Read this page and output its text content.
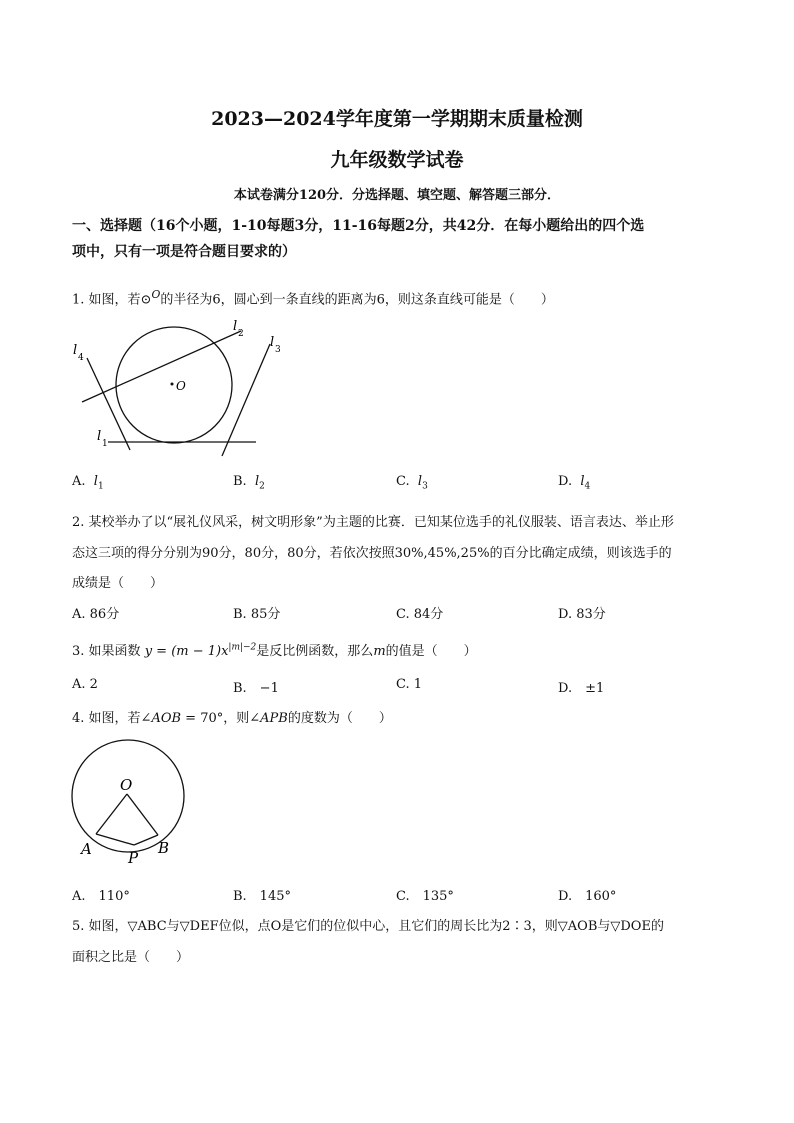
2023—2024学年度第一学期期末质量检测
九年级数学试卷
本试卷满分120分．分选择题、填空题、解答题三部分．
一、选择题（16个小题，1-10每题3分，11-16每题2分，共42分．在每小题给出的四个选
项中，只有一项是符合题目要求的）
1. 如图，若⊙$^O$的半径为6，圆心到一条直线的距离为6，则这条直线可能是（　　）
O
l 2
l 3
l 4
l 1
A. $l_1$	B. $l_2$	C. $l_3$	D. $l_4$
2. 某校举办了以“展礼仪风采，树文明形象”为主题的比赛．已知某位选手的礼仪服装、语言表达、举止形
态这三项的得分分别为90分，80分，80分，若依次按照30%,45%,25%的百分比确定成绩，则该选手的
成绩是（　　）
A. 86分	B. 85分	C. 84分	D. 83分
3. 如果函数 $y = (m - 1)x^{|m|-2}$是反比例函数，那么m的值是（　　）
A. 2	B.　−1	C. 1	D.　±1
4. 如图，若∠AOB = 70°，则∠APB的度数为（　　）
O
A P
B
A.　110°	B.　145°	C.　135°	D.　160°
5. 如图，▽ABC与▽DEF位似，点O是它们的位似中心，且它们的周长比为2∶3，则▽AOB与▽DOE的
面积之比是（　　）
